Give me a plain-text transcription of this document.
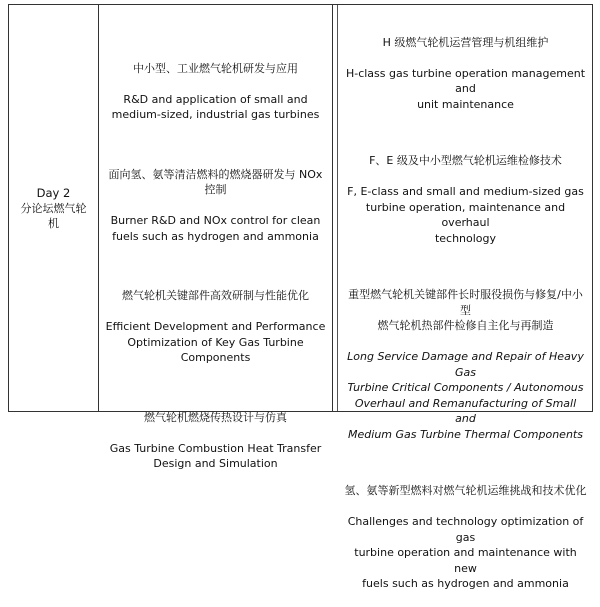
Day 2
分论坛燃气轮
机

中小型、工业燃气轮机研发与应用

R&D and application of small and
medium-sized, industrial gas turbines

面向氢、氨等清洁燃料的燃烧器研发与 NOx
控制

Burner R&D and NOx control for clean
fuels such as hydrogen and ammonia

燃气轮机关键部件高效研制与性能优化

Efficient Development and Performance
Optimization of Key Gas Turbine
Components

燃气轮机燃烧传热设计与仿真

Gas Turbine Combustion Heat Transfer
Design and Simulation

H 级燃气轮机运营管理与机组维护

H-class gas turbine operation management and
unit maintenance

F、E 级及中小型燃气轮机运维检修技术

F, E-class and small and medium-sized gas
turbine operation, maintenance and overhaul
technology

重型燃气轮机关键部件长时服役损伤与修复/中小型
燃气轮机热部件检修自主化与再制造

Long Service Damage and Repair of Heavy Gas
Turbine Critical Components / Autonomous
Overhaul and Remanufacturing of Small and
Medium Gas Turbine Thermal Components

氢、氨等新型燃料对燃气轮机运维挑战和技术优化

Challenges and technology optimization of gas
turbine operation and maintenance with new
fuels such as hydrogen and ammonia
